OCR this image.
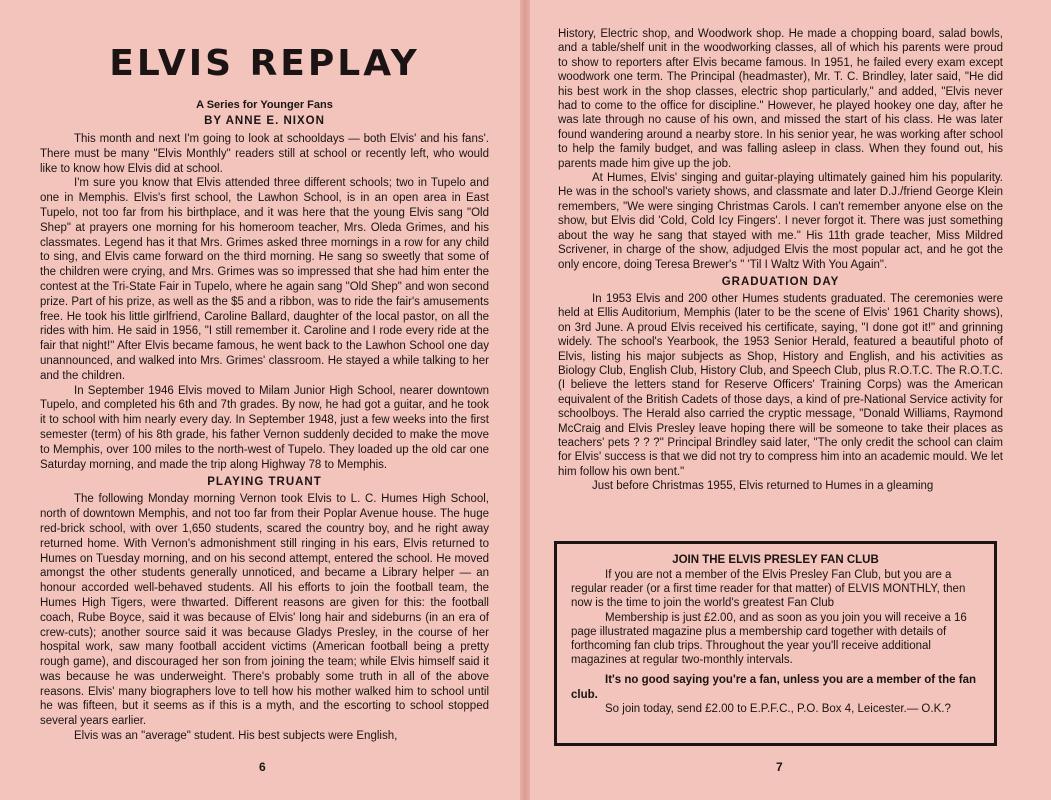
ELVIS REPLAY
A Series for Younger Fans
BY ANNE E. NIXON

This month and next I'm going to look at schooldays — both Elvis' and his fans'. There must be many "Elvis Monthly" readers still at school or recently left, who would like to know how Elvis did at school.

I'm sure you know that Elvis attended three different schools; two in Tupelo and one in Memphis. Elvis's first school, the Lawhon School, is in an open area in East Tupelo, not too far from his birthplace, and it was here that the young Elvis sang "Old Shep" at prayers one morning for his homeroom teacher, Mrs. Oleda Grimes, and his classmates. Legend has it that Mrs. Grimes asked three mornings in a row for any child to sing, and Elvis came forward on the third morning. He sang so sweetly that some of the children were crying, and Mrs. Grimes was so impressed that she had him enter the contest at the Tri-State Fair in Tupelo, where he again sang "Old Shep" and won second prize. Part of his prize, as well as the $5 and a ribbon, was to ride the fair's amusements free. He took his little girlfriend, Caroline Ballard, daughter of the local pastor, on all the rides with him. He said in 1956, "I still remember it. Caroline and I rode every ride at the fair that night!" After Elvis became famous, he went back to the Lawhon School one day unannounced, and walked into Mrs. Grimes' classroom. He stayed a while talking to her and the children.

In September 1946 Elvis moved to Milam Junior High School, nearer downtown Tupelo, and completed his 6th and 7th grades. By now, he had got a guitar, and he took it to school with him nearly every day. In September 1948, just a few weeks into the first semester (term) of his 8th grade, his father Vernon suddenly decided to make the move to Memphis, over 100 miles to the north-west of Tupelo. They loaded up the old car one Saturday morning, and made the trip along Highway 78 to Memphis.

PLAYING TRUANT

The following Monday morning Vernon took Elvis to L. C. Humes High School, north of downtown Memphis, and not too far from their Poplar Avenue house. The huge red-brick school, with over 1,650 students, scared the country boy, and he right away returned home. With Vernon's admonishment still ringing in his ears, Elvis returned to Humes on Tuesday morning, and on his second attempt, entered the school. He moved amongst the other students generally unnoticed, and became a Library helper — an honour accorded well-behaved students. All his efforts to join the football team, the Humes High Tigers, were thwarted. Different reasons are given for this: the football coach, Rube Boyce, said it was because of Elvis' long hair and sideburns (in an era of crew-cuts); another source said it was because Gladys Presley, in the course of her hospital work, saw many football accident victims (American football being a pretty rough game), and discouraged her son from joining the team; while Elvis himself said it was because he was underweight. There's probably some truth in all of the above reasons. Elvis' many biographers love to tell how his mother walked him to school until he was fifteen, but it seems as if this is a myth, and the escorting to school stopped several years earlier.

Elvis was an "average" student. His best subjects were English,

6

History, Electric shop, and Woodwork shop. He made a chopping board, salad bowls, and a table/shelf unit in the woodworking classes, all of which his parents were proud to show to reporters after Elvis became famous. In 1951, he failed every exam except woodwork one term. The Principal (headmaster), Mr. T. C. Brindley, later said, "He did his best work in the shop classes, electric shop particularly," and added, "Elvis never had to come to the office for discipline." However, he played hookey one day, after he was late through no cause of his own, and missed the start of his class. He was later found wandering around a nearby store. In his senior year, he was working after school to help the family budget, and was falling asleep in class. When they found out, his parents made him give up the job.

At Humes, Elvis' singing and guitar-playing ultimately gained him his popularity. He was in the school's variety shows, and classmate and later D.J./friend George Klein remembers, "We were singing Christmas Carols. I can't remember anyone else on the show, but Elvis did 'Cold, Cold Icy Fingers'. I never forgot it. There was just something about the way he sang that stayed with me." His 11th grade teacher, Miss Mildred Scrivener, in charge of the show, adjudged Elvis the most popular act, and he got the only encore, doing Teresa Brewer's " 'Til I Waltz With You Again".

GRADUATION DAY

In 1953 Elvis and 200 other Humes students graduated. The ceremonies were held at Ellis Auditorium, Memphis (later to be the scene of Elvis' 1961 Charity shows), on 3rd June. A proud Elvis received his certificate, saying, "I done got it!" and grinning widely. The school's Yearbook, the 1953 Senior Herald, featured a beautiful photo of Elvis, listing his major subjects as Shop, History and English, and his activities as Biology Club, English Club, History Club, and Speech Club, plus R.O.T.C. The R.O.T.C. (I believe the letters stand for Reserve Officers' Training Corps) was the American equivalent of the British Cadets of those days, a kind of pre-National Service activity for schoolboys. The Herald also carried the cryptic message, "Donald Williams, Raymond McCraig and Elvis Presley leave hoping there will be someone to take their places as teachers' pets ? ? ?" Principal Brindley said later, "The only credit the school can claim for Elvis' success is that we did not try to compress him into an academic mould. We let him follow his own bent."

Just before Christmas 1955, Elvis returned to Humes in a gleaming

JOIN THE ELVIS PRESLEY FAN CLUB

If you are not a member of the Elvis Presley Fan Club, but you are a regular reader (or a first time reader for that matter) of ELVIS MONTHLY, then now is the time to join the world's greatest Fan Club

Membership is just £2.00, and as soon as you join you will receive a 16 page illustrated magazine plus a membership card together with details of forthcoming fan club trips. Throughout the year you'll receive additional magazines at regular two-monthly intervals.

It's no good saying you're a fan, unless you are a member of the fan club.

So join today, send £2.00 to E.P.F.C., P.O. Box 4, Leicester.— O.K.?

7
